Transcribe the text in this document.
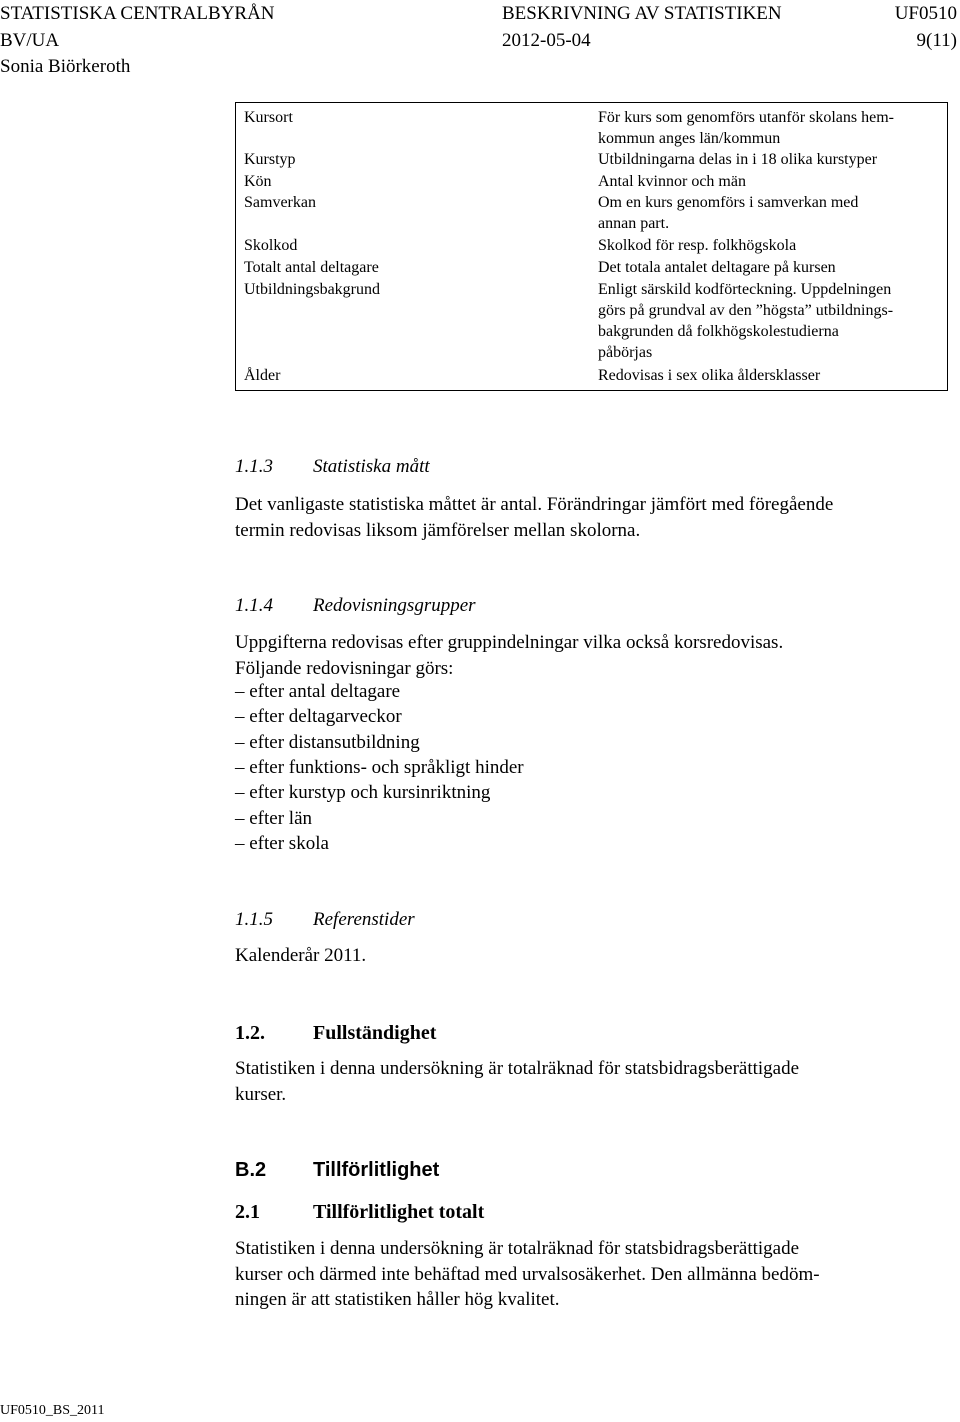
STATISTISKA CENTRALBYRÅN	BESKRIVNING AV STATISTIKEN	UF0510
BV/UA	2012-05-04	9(11)
Sonia Biörkeroth
Kursort	För kurs som genomförs utanför skolans hem-
kommun anges län/kommun
Kurstyp	Utbildningarna delas in i 18 olika kurstyper
Kön	Antal kvinnor och män
Samverkan	Om en kurs genomförs i samverkan med
annan part.
Skolkod	Skolkod för resp. folkhögskola
Totalt antal deltagare	Det totala antalet deltagare på kursen
Utbildningsbakgrund	Enligt särskild kodförteckning. Uppdelningen
görs på grundval av den ”högsta” utbildnings-
bakgrunden då folkhögskolestudierna
påbörjas
Ålder	Redovisas i sex olika åldersklasser
1.1.3 Statistiska mått
Det vanligaste statistiska måttet är antal. Förändringar jämfört med föregående
termin redovisas liksom jämförelser mellan skolorna.
1.1.4 Redovisningsgrupper
Uppgifterna redovisas efter gruppindelningar vilka också korsredovisas.
Följande redovisningar görs:
– efter antal deltagare
– efter deltagarveckor
– efter distansutbildning
– efter funktions- och språkligt hinder
– efter kurstyp och kursinriktning
– efter län
– efter skola
1.1.5 Referenstider
Kalenderår 2011.
1.2. Fullständighet
Statistiken i denna undersökning är totalräknad för statsbidragsberättigade
kurser.
B.2 Tillförlitlighet
2.1	Tillförlitlighet totalt
Statistiken i denna undersökning är totalräknad för statsbidragsberättigade
kurser och därmed inte behäftad med urvalsosäkerhet. Den allmänna bedöm-
ningen är att statistiken håller hög kvalitet.
UF0510_BS_2011
